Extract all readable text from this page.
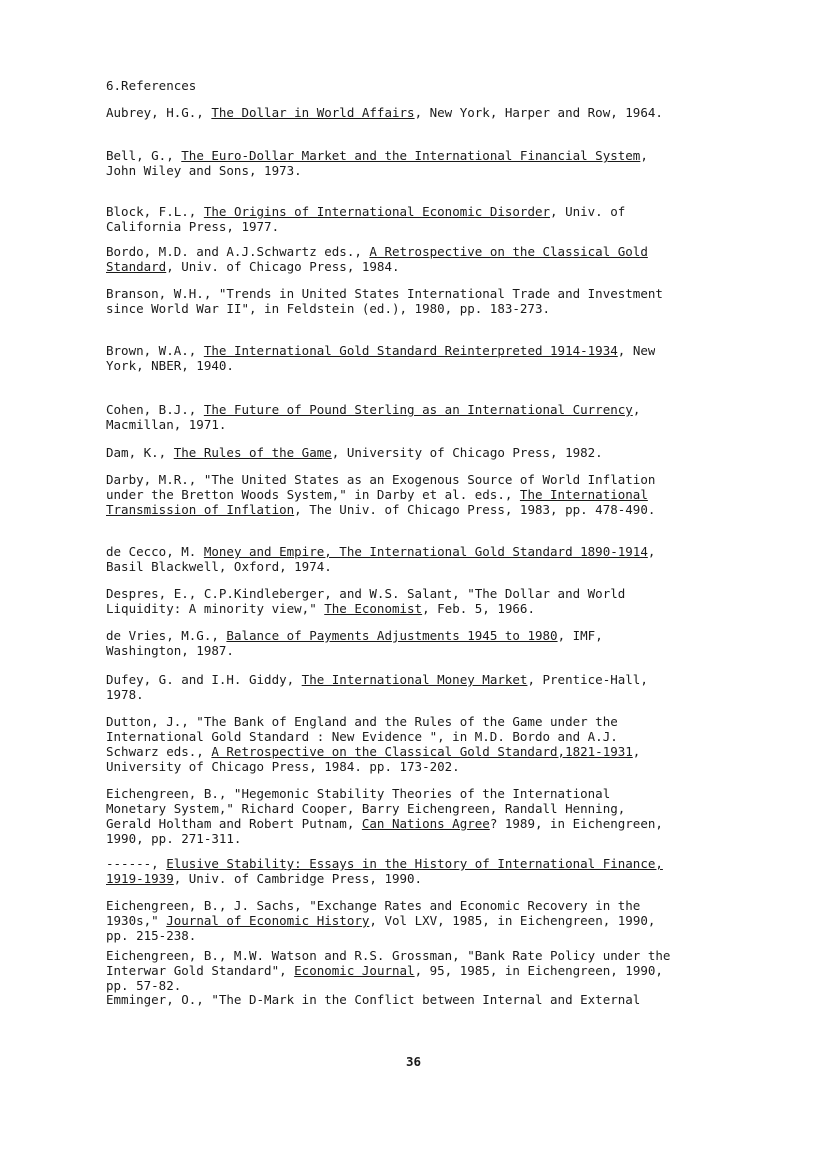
6.References

Aubrey, H.G., The Dollar in World Affairs, New York, Harper and Row, 1964.

Bell, G., The Euro-Dollar Market and the International Financial System,
John Wiley and Sons, 1973.

Block, F.L., The Origins of International Economic Disorder, Univ. of
California Press, 1977.

Bordo, M.D. and A.J.Schwartz eds., A Retrospective on the Classical Gold
Standard, Univ. of Chicago Press, 1984.

Branson, W.H., "Trends in United States International Trade and Investment
since World War II", in Feldstein (ed.), 1980, pp. 183-273.

Brown, W.A., The International Gold Standard Reinterpreted 1914-1934, New
York, NBER, 1940.

Cohen, B.J., The Future of Pound Sterling as an International Currency,
Macmillan, 1971.

Dam, K., The Rules of the Game, University of Chicago Press, 1982.

Darby, M.R., "The United States as an Exogenous Source of World Inflation
under the Bretton Woods System," in Darby et al. eds., The International
Transmission of Inflation, The Univ. of Chicago Press, 1983, pp. 478-490.

de Cecco, M. Money and Empire, The International Gold Standard 1890-1914,
Basil Blackwell, Oxford, 1974.

Despres, E., C.P.Kindleberger, and W.S. Salant, "The Dollar and World
Liquidity: A minority view," The Economist, Feb. 5, 1966.

de Vries, M.G., Balance of Payments Adjustments 1945 to 1980, IMF,
Washington, 1987.

Dufey, G. and I.H. Giddy, The International Money Market, Prentice-Hall,
1978.

Dutton, J., "The Bank of England and the Rules of the Game under the
International Gold Standard : New Evidence ", in M.D. Bordo and A.J.
Schwarz eds., A Retrospective on the Classical Gold Standard,1821-1931,
University of Chicago Press, 1984. pp. 173-202.

Eichengreen, B., "Hegemonic Stability Theories of the International
Monetary System," Richard Cooper, Barry Eichengreen, Randall Henning,
Gerald Holtham and Robert Putnam, Can Nations Agree? 1989, in Eichengreen,
1990, pp. 271-311.

------, Elusive Stability: Essays in the History of International Finance,
1919-1939, Univ. of Cambridge Press, 1990.

Eichengreen, B., J. Sachs, "Exchange Rates and Economic Recovery in the
1930s," Journal of Economic History, Vol LXV, 1985, in Eichengreen, 1990,
pp. 215-238.

Eichengreen, B., M.W. Watson and R.S. Grossman, "Bank Rate Policy under the
Interwar Gold Standard", Economic Journal, 95, 1985, in Eichengreen, 1990,
pp. 57-82.

Emminger, O., "The D-Mark in the Conflict between Internal and External

36
